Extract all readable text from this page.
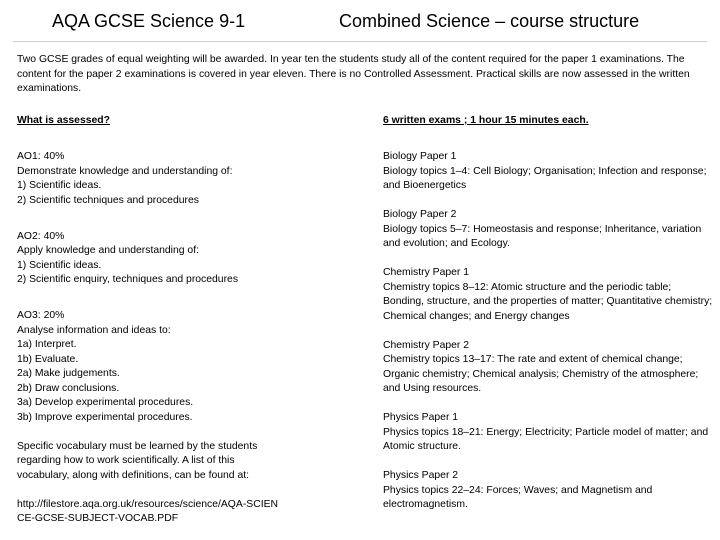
AQA GCSE Science 9-1	Combined Science – course structure
Two GCSE grades of equal weighting will be awarded. In year ten the students study all of the content required for the paper 1 examinations. The content for the paper 2 examinations is covered in year eleven. There is no Controlled Assessment. Practical skills are now assessed in the written examinations.
What is assessed?
AO1: 40%
Demonstrate knowledge and understanding of:
1) Scientific ideas.
2) Scientific techniques and procedures
AO2: 40%
Apply knowledge and understanding of:
1) Scientific ideas.
2) Scientific enquiry, techniques and procedures
AO3: 20%
Analyse information and ideas to:
1a) Interpret.
1b) Evaluate.
2a) Make judgements.
2b) Draw conclusions.
3a) Develop experimental procedures.
3b) Improve experimental procedures.
Specific vocabulary must be learned by the students regarding how to work scientifically. A list of this vocabulary, along with definitions, can be found at:
http://filestore.aqa.org.uk/resources/science/AQA-SCIENCE-GCSE-SUBJECT-VOCAB.PDF
6 written exams ; 1 hour 15 minutes each.
Biology Paper 1
Biology topics 1–4: Cell Biology; Organisation; Infection and response; and Bioenergetics
Biology Paper 2
Biology topics 5–7: Homeostasis and response; Inheritance, variation and evolution; and Ecology.
Chemistry Paper 1
Chemistry topics 8–12: Atomic structure and the periodic table; Bonding, structure, and the properties of matter; Quantitative chemistry; Chemical changes; and Energy changes
Chemistry Paper 2
Chemistry topics 13–17: The rate and extent of chemical change; Organic chemistry; Chemical analysis; Chemistry of the atmosphere; and Using resources.
Physics Paper 1
Physics topics 18–21: Energy; Electricity; Particle model of matter; and Atomic structure.
Physics Paper 2
Physics topics 22–24: Forces; Waves; and Magnetism and electromagnetism.
